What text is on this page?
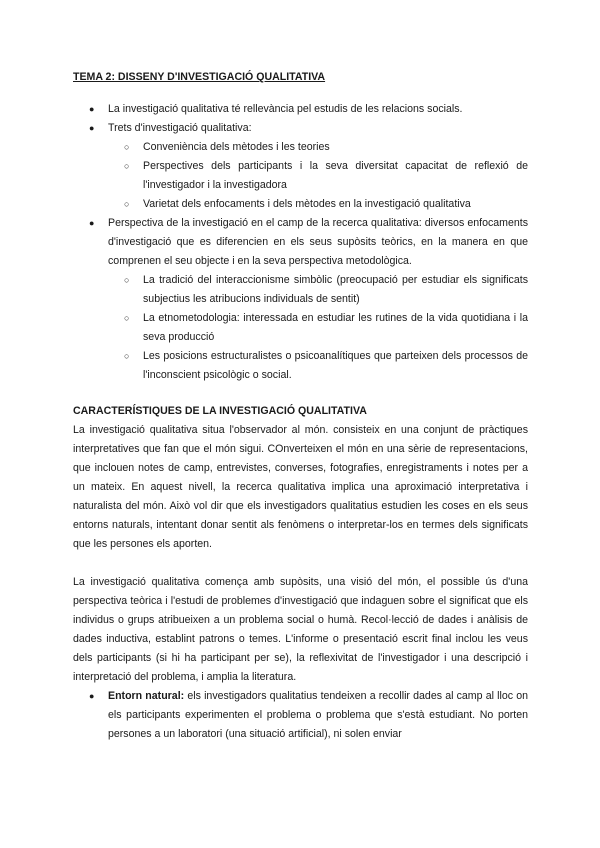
TEMA 2: DISSENY D'INVESTIGACIÓ QUALITATIVA
● La investigació qualitativa té rellevància pel estudis de les relacions socials.
● Trets d'investigació qualitativa:
○ Conveniència dels mètodes i les teories
○ Perspectives dels participants i la seva diversitat capacitat de reflexió de l'investigador i la investigadora
○ Varietat dels enfocaments i dels mètodes en la investigació qualitativa
● Perspectiva de la investigació en el camp de la recerca qualitativa: diversos enfocaments d'investigació que es diferencien en els seus supòsits teòrics, en la manera en que comprenen el seu objecte i en la seva perspectiva metodològica.
○ La tradició del interaccionisme simbòlic (preocupació per estudiar els significats subjectius les atribucions individuals de sentit)
○ La etnometodologia: interessada en estudiar les rutines de la vida quotidiana i la seva producció
○ Les posicions estructuralistes o psicoanalítiques que parteixen dels processos de l'inconscient psicològic o social.
CARACTERÍSTIQUES DE LA INVESTIGACIÓ QUALITATIVA

La investigació qualitativa situa l'observador al món. consisteix en una conjunt de pràctiques interpretatives que fan que el món sigui. COnverteixen el món en una sèrie de representacions, que inclouen notes de camp, entrevistes, converses, fotografies, enregistraments i notes per a un mateix. En aquest nivell, la recerca qualitativa implica una aproximació interpretativa i naturalista del món. Això vol dir que els investigadors qualitatius estudien les coses en els seus entorns naturals, intentant donar sentit als fenòmens o interpretar-los en termes dels significats que les persones els aporten.

La investigació qualitativa comença amb supòsits, una visió del món, el possible ús d'una perspectiva teòrica i l'estudi de problemes d'investigació que indaguen sobre el significat que els individus o grups atribueixen a un problema social o humà. Recol·lecció de dades i anàlisis de dades inductiva, establint patrons o temes. L'informe o presentació escrit final inclou les veus dels participants (si hi ha participant per se), la reflexivitat de l'investigador i una descripció i interpretació del problema, i amplia la literatura.

● Entorn natural: els investigadors qualitatius tendeixen a recollir dades al camp al lloc on els participants experimenten el problema o problema que s'està estudiant. No porten persones a un laboratori (una situació artificial), ni solen enviar
